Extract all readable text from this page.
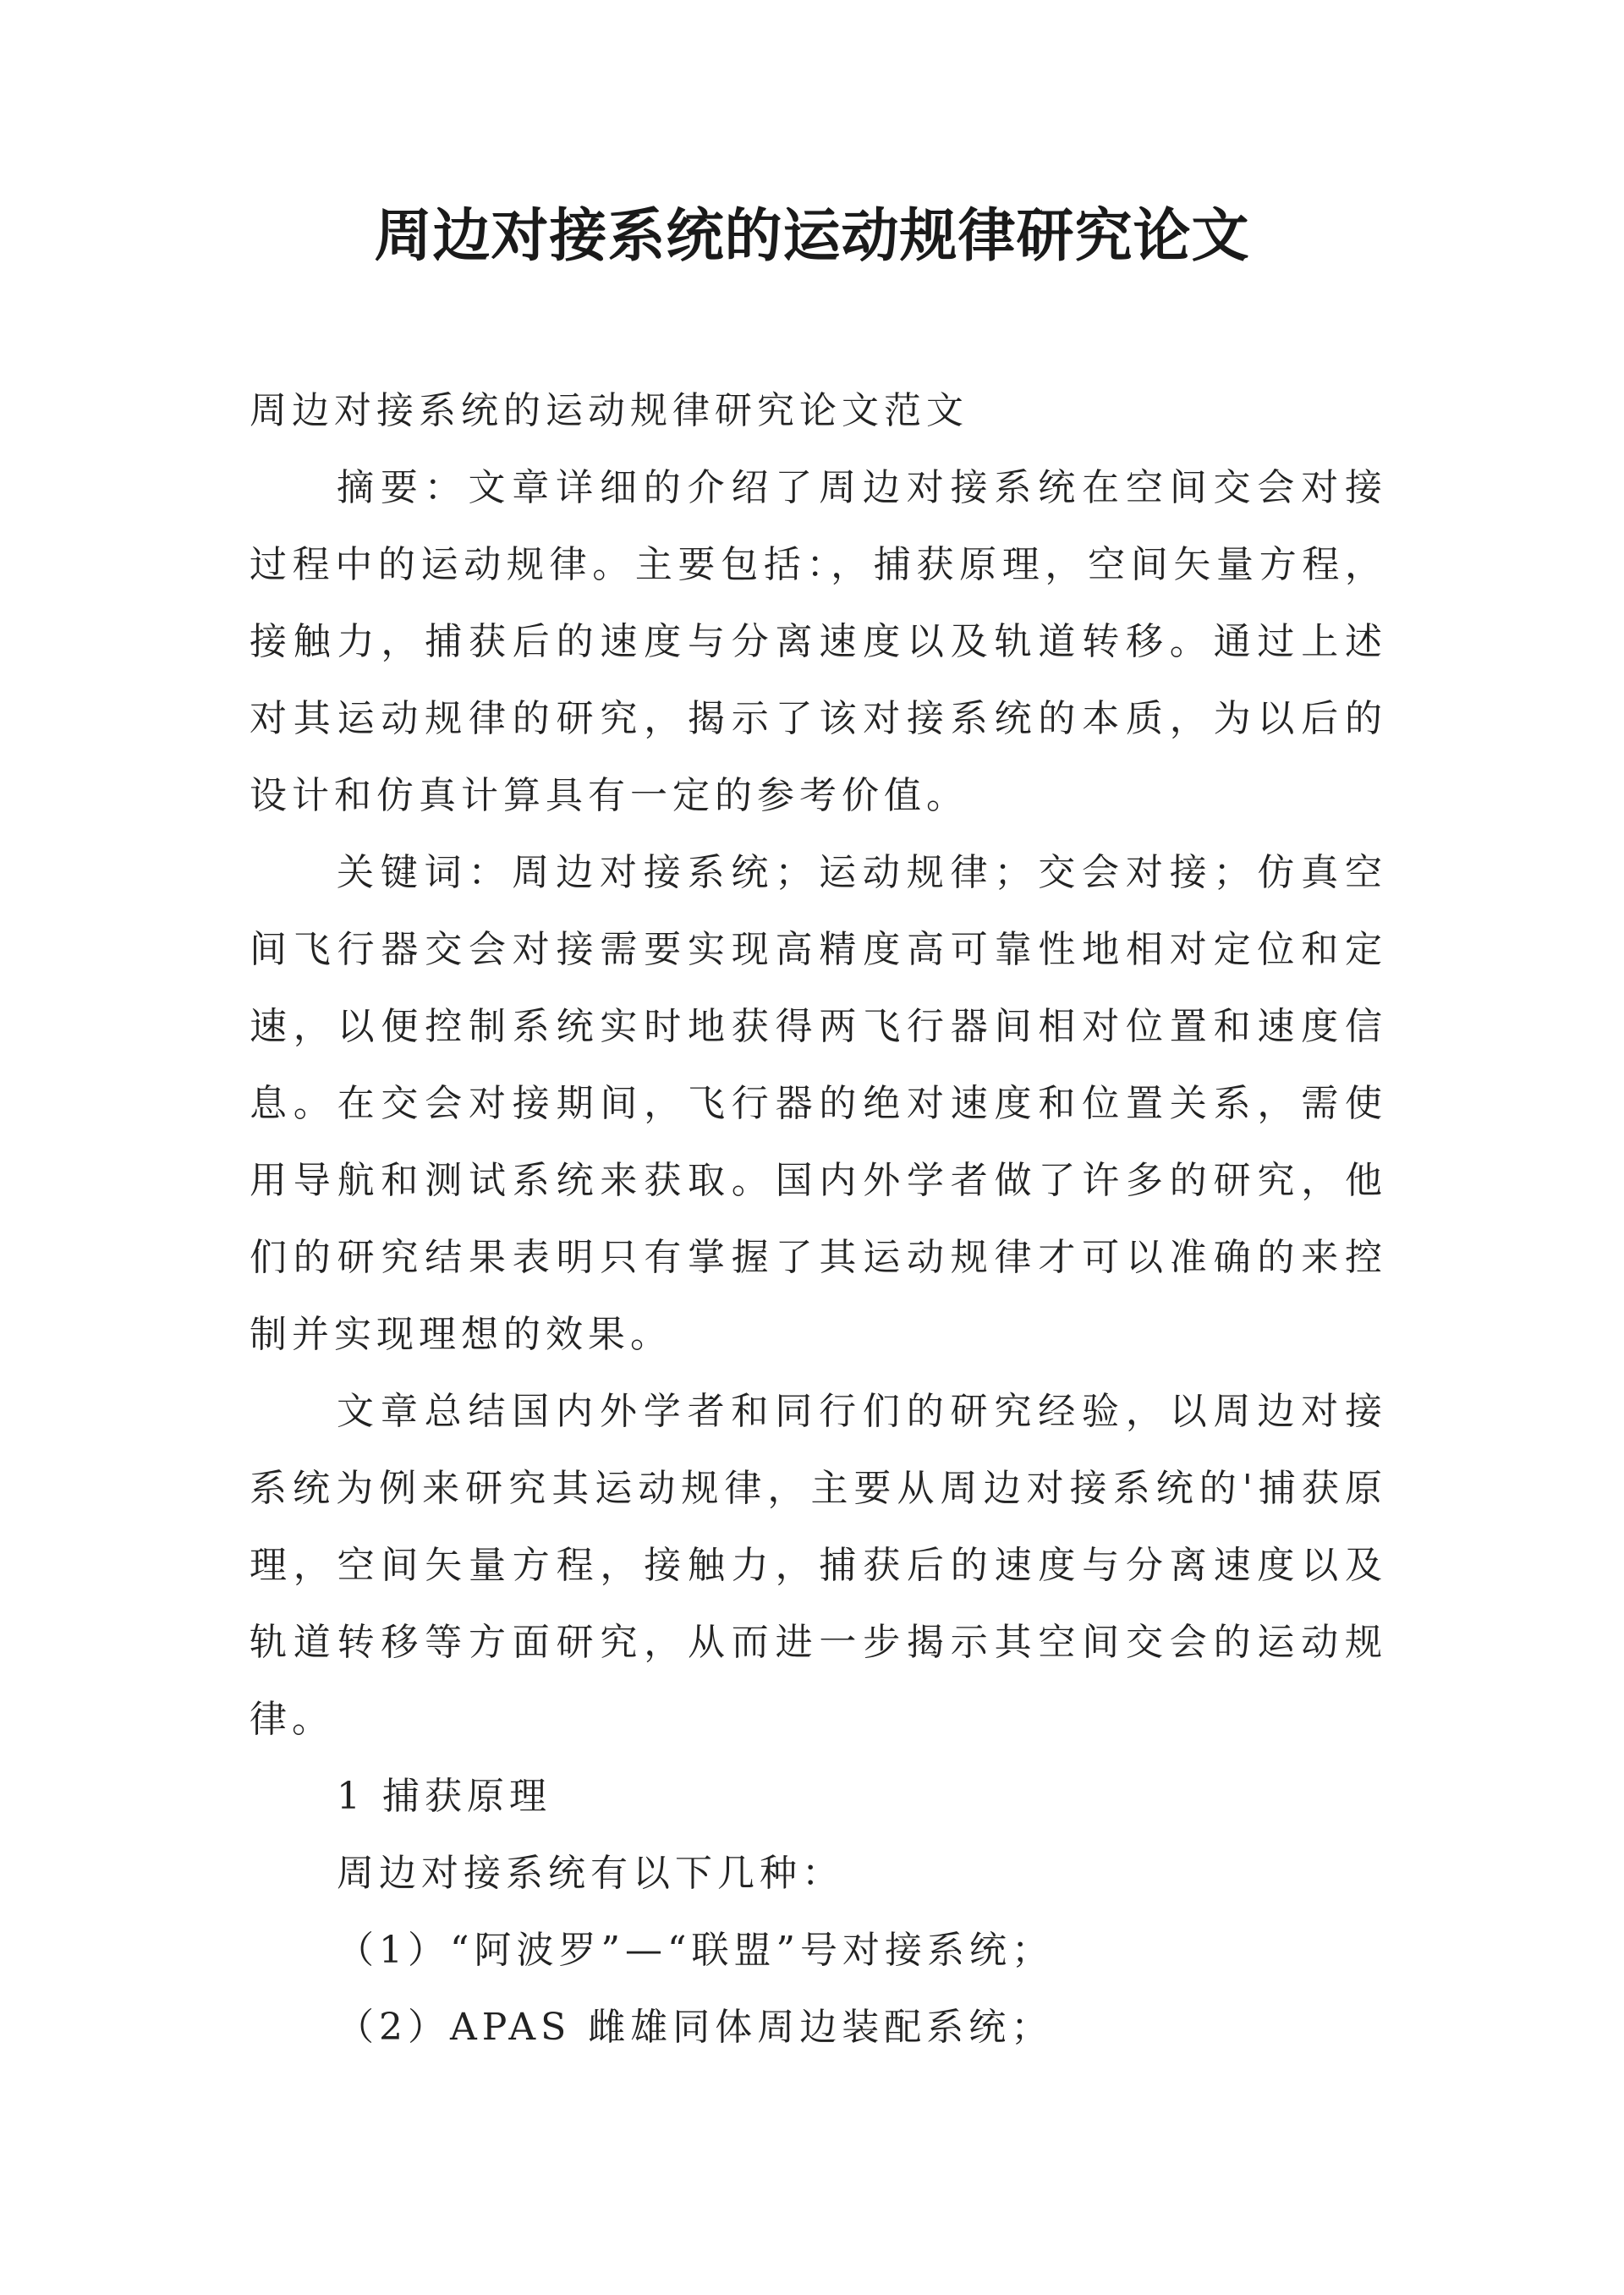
周边对接系统的运动规律研究论文

周边对接系统的运动规律研究论文范文

摘要：文章详细的介绍了周边对接系统在空间交会对接过程中的运动规律。主要包括：，捕获原理，空间矢量方程，接触力，捕获后的速度与分离速度以及轨道转移。通过上述对其运动规律的研究，揭示了该对接系统的本质，为以后的设计和仿真计算具有一定的参考价值。

关键词：周边对接系统；运动规律；交会对接；仿真空间飞行器交会对接需要实现高精度高可靠性地相对定位和定速，以便控制系统实时地获得两飞行器间相对位置和速度信息。在交会对接期间，飞行器的绝对速度和位置关系，需使用导航和测试系统来获取。国内外学者做了许多的研究，他们的研究结果表明只有掌握了其运动规律才可以准确的来控制并实现理想的效果。

文章总结国内外学者和同行们的研究经验，以周边对接系统为例来研究其运动规律，主要从周边对接系统的'捕获原理，空间矢量方程，接触力，捕获后的速度与分离速度以及轨道转移等方面研究，从而进一步揭示其空间交会的运动规律。

1 捕获原理

周边对接系统有以下几种：

（1）“阿波罗”—“联盟”号对接系统；

（2）APAS 雌雄同体周边装配系统；
